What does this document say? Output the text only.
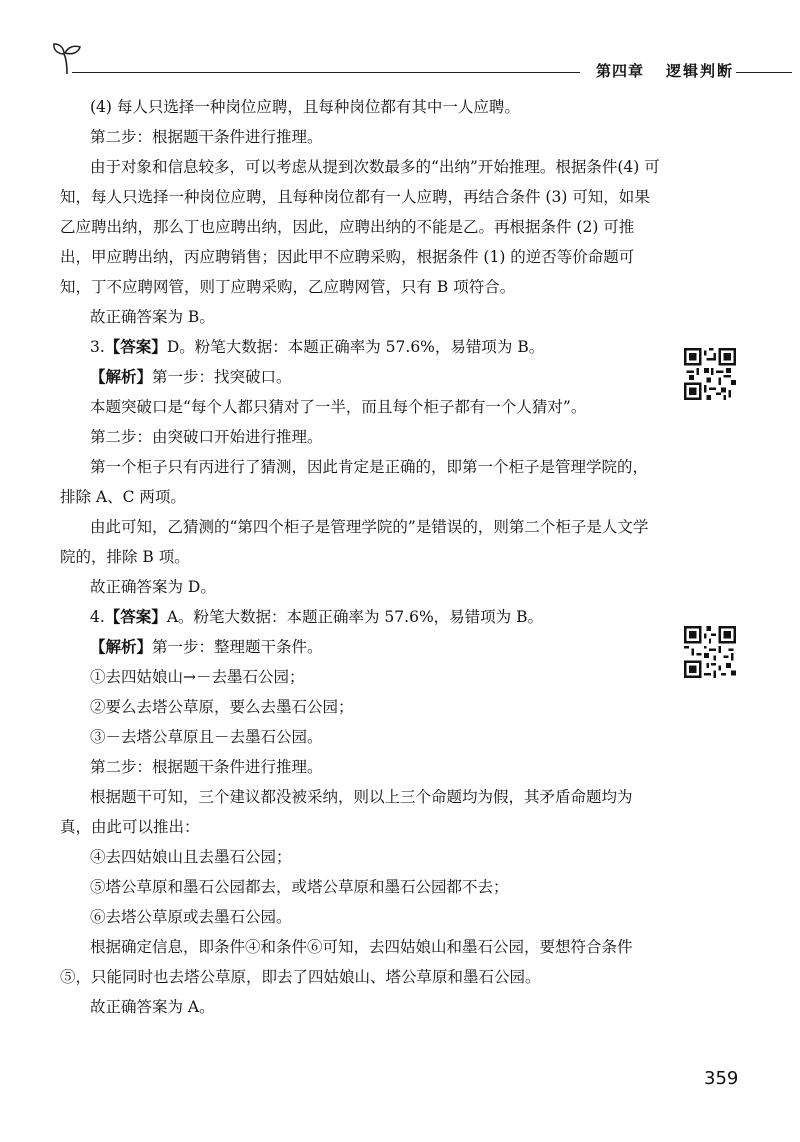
第四章 逻辑判断

(4) 每人只选择一种岗位应聘，且每种岗位都有其中一人应聘。

第二步：根据题干条件进行推理。

由于对象和信息较多，可以考虑从提到次数最多的“出纳”开始推理。根据条件(4) 可知，每人只选择一种岗位应聘，且每种岗位都有一人应聘，再结合条件 (3) 可知，如果乙应聘出纳，那么丁也应聘出纳，因此，应聘出纳的不能是乙。再根据条件 (2) 可推出，甲应聘出纳，丙应聘销售；因此甲不应聘采购，根据条件 (1) 的逆否等价命题可知，丁不应聘网管，则丁应聘采购，乙应聘网管，只有 B 项符合。

故正确答案为 B。

3.【答案】D。粉笔大数据：本题正确率为 57.6%，易错项为 B。

【解析】第一步：找突破口。

本题突破口是“每个人都只猜对了一半，而且每个柜子都有一个人猜对”。

第二步：由突破口开始进行推理。

第一个柜子只有丙进行了猜测，因此肯定是正确的，即第一个柜子是管理学院的，排除 A、C 两项。

由此可知，乙猜测的“第四个柜子是管理学院的”是错误的，则第二个柜子是人文学院的，排除 B 项。

故正确答案为 D。

4.【答案】A。粉笔大数据：本题正确率为 57.6%，易错项为 B。

【解析】第一步：整理题干条件。

①去四姑娘山→－去墨石公园；

②要么去塔公草原，要么去墨石公园；

③－去塔公草原且－去墨石公园。

第二步：根据题干条件进行推理。

根据题干可知，三个建议都没被采纳，则以上三个命题均为假，其矛盾命题均为真，由此可以推出：

④去四姑娘山且去墨石公园；

⑤塔公草原和墨石公园都去，或塔公草原和墨石公园都不去；

⑥去塔公草原或去墨石公园。

根据确定信息，即条件④和条件⑥可知，去四姑娘山和墨石公园，要想符合条件⑤，只能同时也去塔公草原，即去了四姑娘山、塔公草原和墨石公园。

故正确答案为 A。

359
